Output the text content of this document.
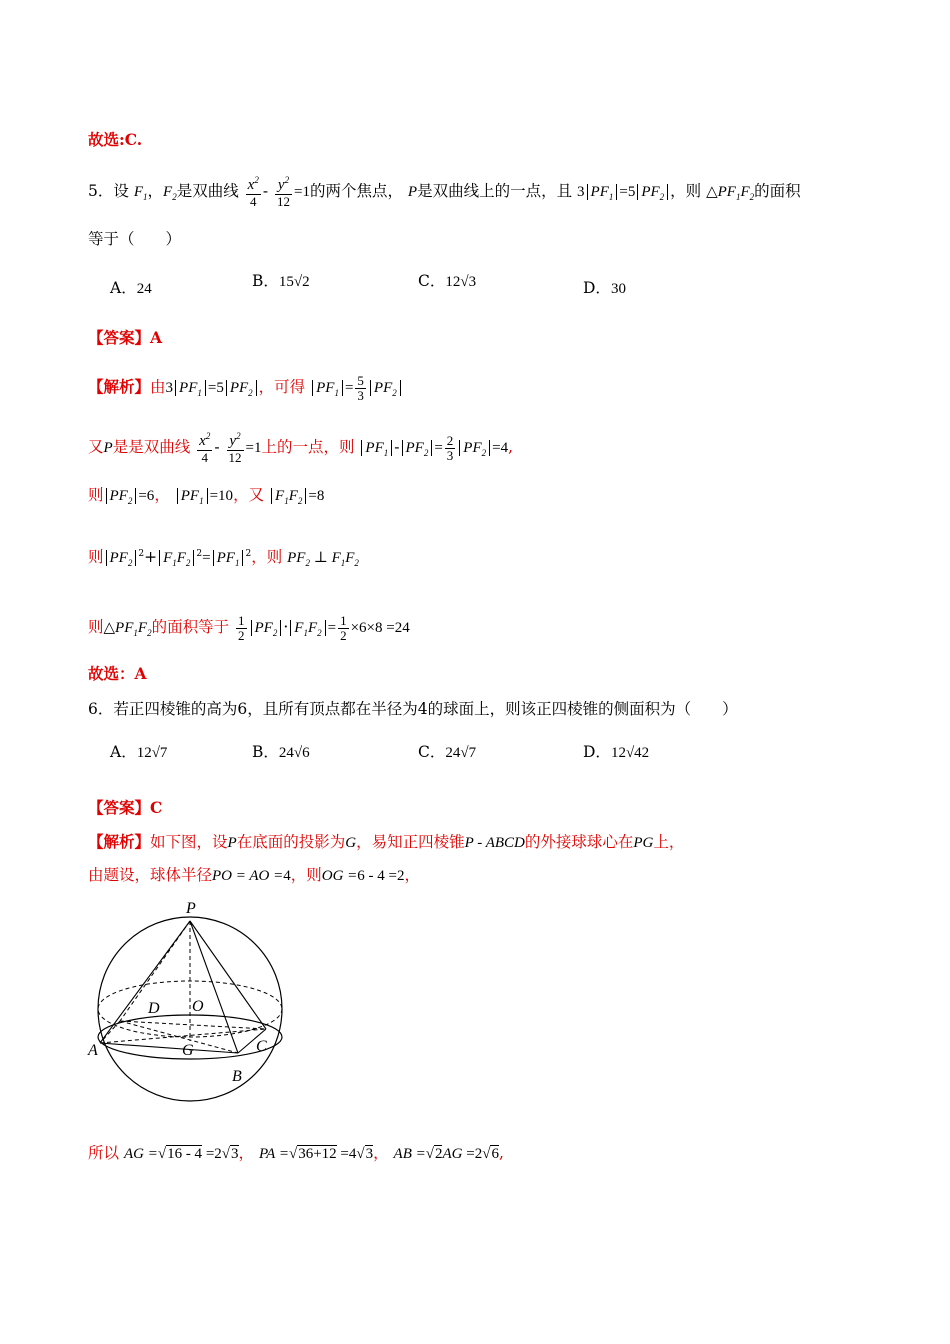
故选:C.
5．设 $F_1$，$F_2$是双曲线 $\frac{x^2}{4} - \frac{y^2}{12} =1$的两个焦点， P是双曲线上的一点，且 3 $PF_1 =5$ $PF_2$ ，则 $\triangle PF_1F_2$的面积
等于（　　）
A．24	B．15√2	C．12√3	D．30
【答案】A
【解析】由3 $PF_1 =5$ $PF_2$ ，可得 $PF_1 = \frac{5}{3} PF_2$
又P是是双曲线 $\frac{x^2}{4} - \frac{y^2}{12} =1$上的一点，则 $PF_1 - PF_2 = \frac{2}{3} PF_2 =4$,
则 $PF_2 =6$， $PF_1 =10$，又 $F_1F_2 =8$
则 $PF_2^2+ F_1F_2^2= PF_1^2$，则 $PF_2$ ⊥ $F_1F_2$
则$\triangle PF_1F_2$的面积等于 $\frac{1}{2} PF_2 \cdot F_1F_2 = \frac{1}{2} \times 6\times 8 =24$
故选：A
6．若正四棱锥的高为6，且所有顶点都在半径为4的球面上，则该正四棱锥的侧面积为（　　）
A．12√7	B．24√6	C．24√7	D．12√42
【答案】C
【解析】如下图，设P在底面的投影为G，易知正四棱锥P - ABCD的外接球球心在PG上，
由题设，球体半径PO = AO =4，则OG =6 - 4 =2，
P
D O
A	G	C
B
所以 AG =√16 - 4 =2√3， PA =√36+12 =4√3， AB =√2AG =2√6,
